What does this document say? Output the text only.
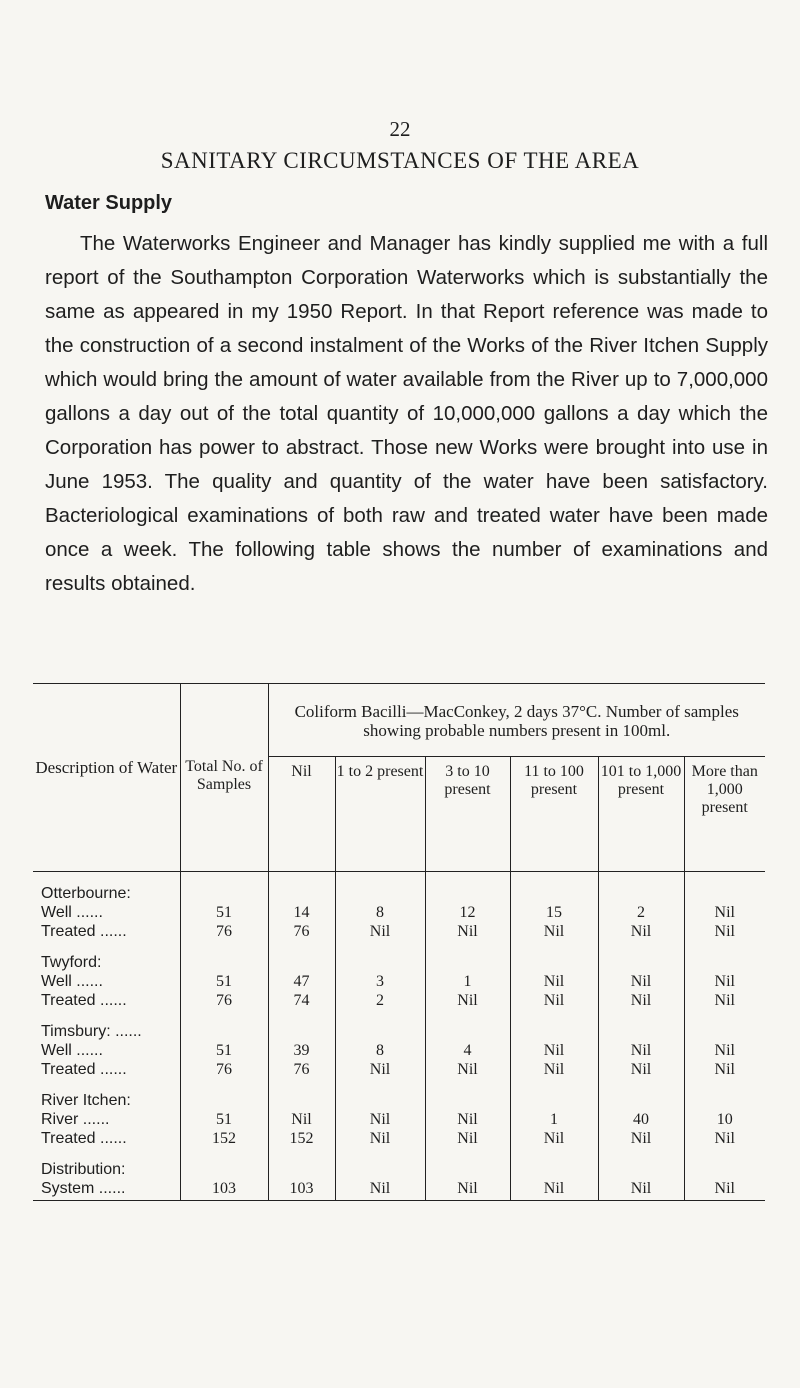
22
SANITARY CIRCUMSTANCES OF THE AREA
Water Supply
The Waterworks Engineer and Manager has kindly supplied me with a full report of the Southampton Corporation Waterworks which is substantially the same as appeared in my 1950 Report. In that Report reference was made to the construction of a second instalment of the Works of the River Itchen Supply which would bring the amount of water available from the River up to 7,000,000 gallons a day out of the total quantity of 10,000,000 gallons a day which the Corporation has power to abstract. Those new Works were brought into use in June 1953. The quality and quantity of the water have been satisfactory. Bacteriological examinations of both raw and treated water have been made once a week. The following table shows the number of examinations and results obtained.
Description of Water	Total No. of Samples	Coliform Bacilli—MacConkey, 2 days 37°C. Number of samples showing probable numbers present in 100ml.					
		Nil	1 to 2 present	3 to 10 present	11 to 100 present	101 to 1,000 present	More than 1,000 present
Otterbourne:							
Well ......	51	14	8	12	15	2	Nil
Treated ......	76	76	Nil	Nil	Nil	Nil	Nil
Twyford:							
Well ......	51	47	3	1	Nil	Nil	Nil
Treated ......	76	74	2	Nil	Nil	Nil	Nil
Timsbury: ......							
Well ......	51	39	8	4	Nil	Nil	Nil
Treated ......	76	76	Nil	Nil	Nil	Nil	Nil
River Itchen:							
River ......	51	Nil	Nil	Nil	1	40	10
Treated ......	152	152	Nil	Nil	Nil	Nil	Nil
Distribution:							
System ......	103	103	Nil	Nil	Nil	Nil	Nil
